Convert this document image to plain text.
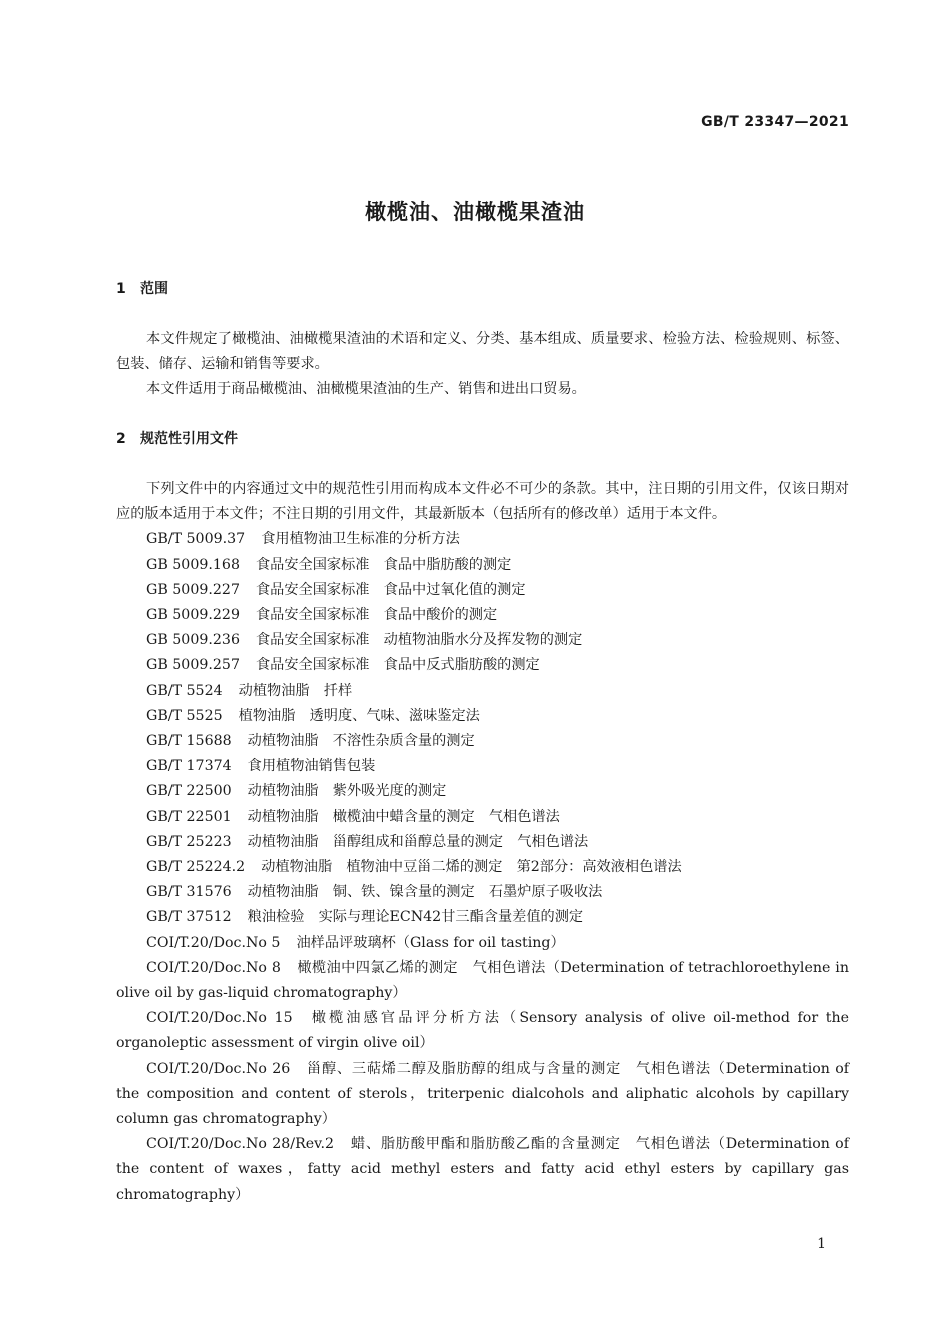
GB/T 23347—2021
橄榄油、油橄榄果渣油
1 范围

本文件规定了橄榄油、油橄榄果渣油的术语和定义、分类、基本组成、质量要求、检验方法、检验规则、标签、包装、储存、运输和销售等要求。

本文件适用于商品橄榄油、油橄榄果渣油的生产、销售和进出口贸易。

2 规范性引用文件

下列文件中的内容通过文中的规范性引用而构成本文件必不可少的条款。其中，注日期的引用文件，仅该日期对应的版本适用于本文件；不注日期的引用文件，其最新版本（包括所有的修改单）适用于本文件。

GB/T 5009.37 食用植物油卫生标准的分析方法
GB 5009.168 食品安全国家标准　食品中脂肪酸的测定
GB 5009.227 食品安全国家标准　食品中过氧化值的测定
GB 5009.229 食品安全国家标准　食品中酸价的测定
GB 5009.236 食品安全国家标准　动植物油脂水分及挥发物的测定
GB 5009.257 食品安全国家标准　食品中反式脂肪酸的测定
GB/T 5524 动植物油脂　扦样
GB/T 5525 植物油脂　透明度、气味、滋味鉴定法
GB/T 15688 动植物油脂　不溶性杂质含量的测定
GB/T 17374 食用植物油销售包装
GB/T 22500 动植物油脂　紫外吸光度的测定
GB/T 22501 动植物油脂　橄榄油中蜡含量的测定　气相色谱法
GB/T 25223 动植物油脂　甾醇组成和甾醇总量的测定　气相色谱法
GB/T 25224.2 动植物油脂　植物油中豆甾二烯的测定　第2部分：高效液相色谱法
GB/T 31576 动植物油脂　铜、铁、镍含量的测定　石墨炉原子吸收法
GB/T 37512 粮油检验　实际与理论ECN42甘三酯含量差值的测定
COI/T.20/Doc.No 5 油样品评玻璃杯（Glass for oil tasting）
COI/T.20/Doc.No 8 橄榄油中四氯乙烯的测定　气相色谱法（Determination of tetrachloroethylene in olive oil by gas-liquid chromatography）
COI/T.20/Doc.No 15 橄榄油感官品评分析方法（Sensory analysis of olive oil-method for the organoleptic assessment of virgin olive oil）
COI/T.20/Doc.No 26 甾醇、三萜烯二醇及脂肪醇的组成与含量的测定　气相色谱法（Determination of the composition and content of sterols，triterpenic dialcohols and aliphatic alcohols by capillary column gas chromatography）
COI/T.20/Doc.No 28/Rev.2 蜡、脂肪酸甲酯和脂肪酸乙酯的含量测定　气相色谱法（Determination of the content of waxes，fatty acid methyl esters and fatty acid ethyl esters by capillary gas chromatography）
1
